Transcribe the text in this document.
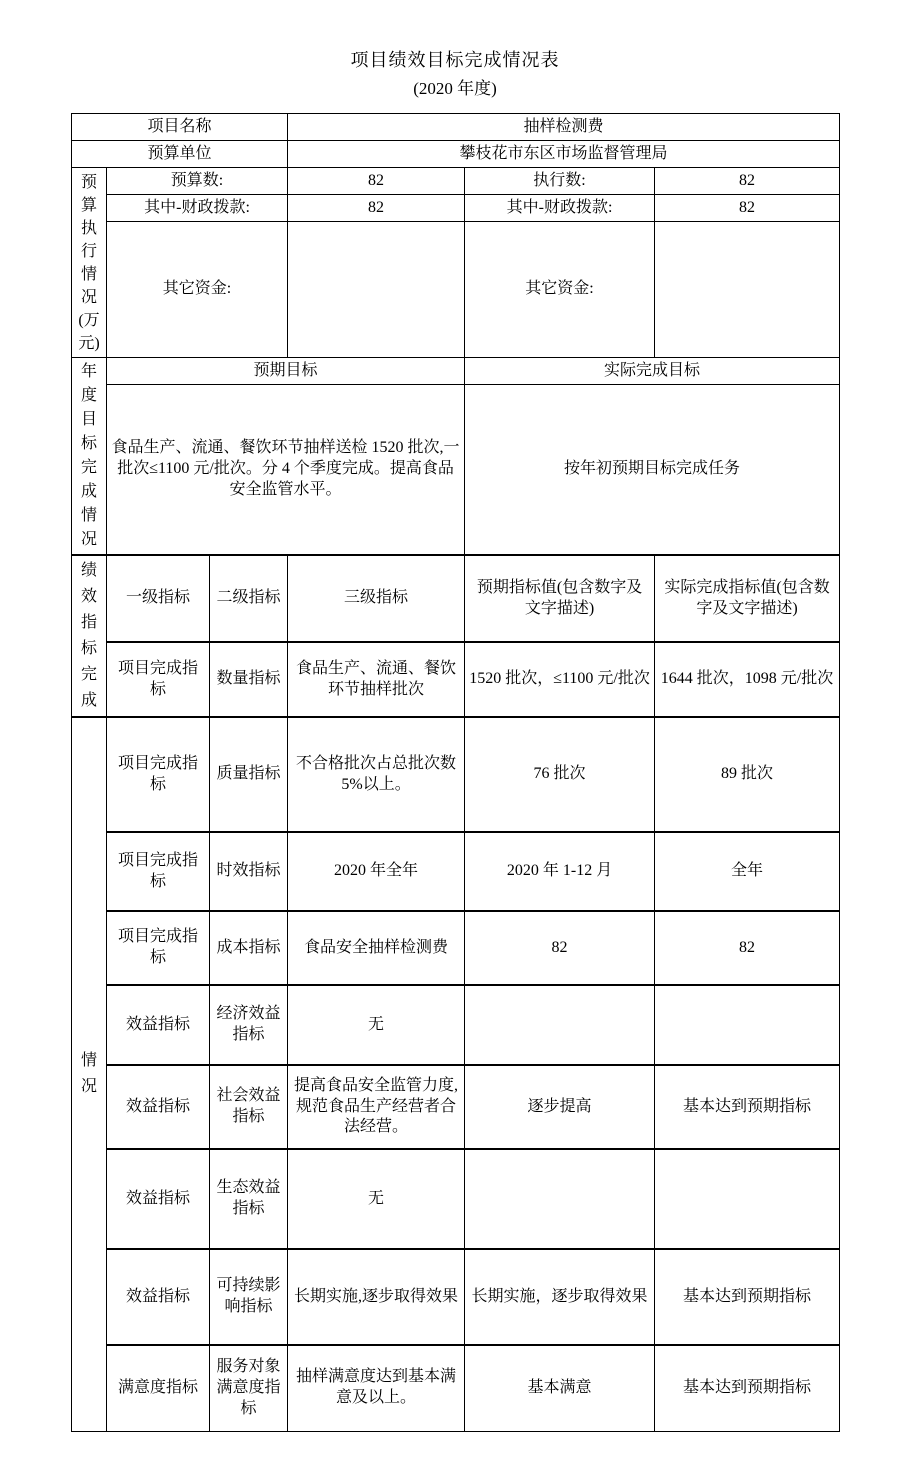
项目绩效目标完成情况表
(2020 年度)
项目名称			抽样检测费		
预算单位			攀枝花市东区市场监督管理局		
预
算
执
行
情
况
(万
元)	预算数:	82	执行数:	82
	其中-财政拨款:		82	其中-财政拨款:	82
	其它资金:			其它资金:	
年
度
目
标
完
成
情
况	预期目标	实际完成目标
	食品生产、流通、餐饮环节抽样送检 1520 批次,一批次≤1100 元/批次。分 4 个季度完成。提高食品安全监管水平。			按年初预期目标完成任务	
绩
效
指
标
完
成	一级指标	二级指标	三级指标	预期指标值(包含数字及文字描述)	实际完成指标值(包含数字及文字描述)
	项目完成指标	数量指标	食品生产、流通、餐饮环节抽样批次	1520 批次，≤1100 元/批次	1644 批次，1098 元/批次
情
况	项目完成指标	质量指标	不合格批次占总批次数 5%以上。	76 批次	89 批次
	项目完成指标	时效指标	2020 年全年	2020 年 1-12 月	全年
	项目完成指标	成本指标	食品安全抽样检测费	82	82
	效益指标	经济效益指标	无		
	效益指标	社会效益指标	提高食品安全监管力度,规范食品生产经营者合法经营。	逐步提高	基本达到预期指标
	效益指标	生态效益指标	无		
	效益指标	可持续影响指标	长期实施,逐步取得效果	长期实施，逐步取得效果	基本达到预期指标
	满意度指标	服务对象满意度指标	抽样满意度达到基本满意及以上。	基本满意	基本达到预期指标
